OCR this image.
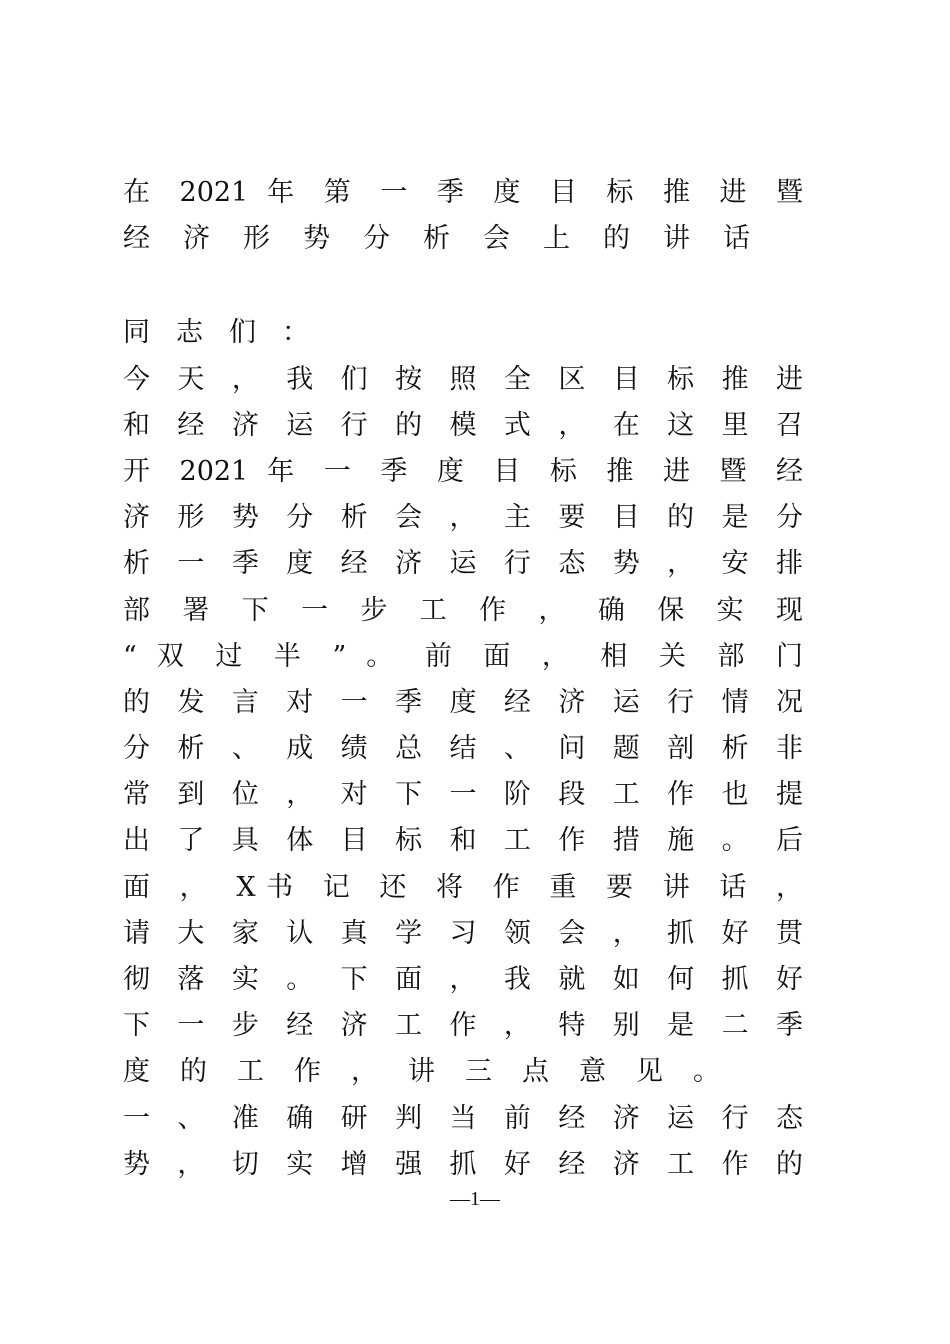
在 2021 年 第 一 季 度 目 标 推 进 暨
经济形势分析会上的讲话
同志们：
今 天 ， 我 们 按 照 全 区 目 标 推 进
和 经 济 运 行 的 模 式 ， 在 这 里 召
开 2021 年 一 季 度 目 标 推 进 暨 经
济 形 势 分 析 会 ， 主 要 目 的 是 分
析 一 季 度 经 济 运 行 态 势 ， 安 排
部 署 下 一 步 工 作 ， 确 保 实 现
“ 双 过 半 ” 。 前 面 ， 相 关 部 门
的 发 言 对 一 季 度 经 济 运 行 情 况
分 析 、 成 绩 总 结 、 问 题 剖 析 非
常 到 位 ， 对 下 一 阶 段 工 作 也 提
出 了 具 体 目 标 和 工 作 措 施 。 后
面 ， X书 记 还 将 作 重 要 讲 话 ，
请 大 家 认 真 学 习 领 会 ， 抓 好 贯
彻 落 实 。 下 面 ， 我 就 如 何 抓 好
下 一 步 经 济 工 作 ， 特 别 是 二 季
度的工作，讲三点意见。
一 、 准 确 研 判 当 前 经 济 运 行 态
势 ， 切 实 增 强 抓 好 经 济 工 作 的
—1—
